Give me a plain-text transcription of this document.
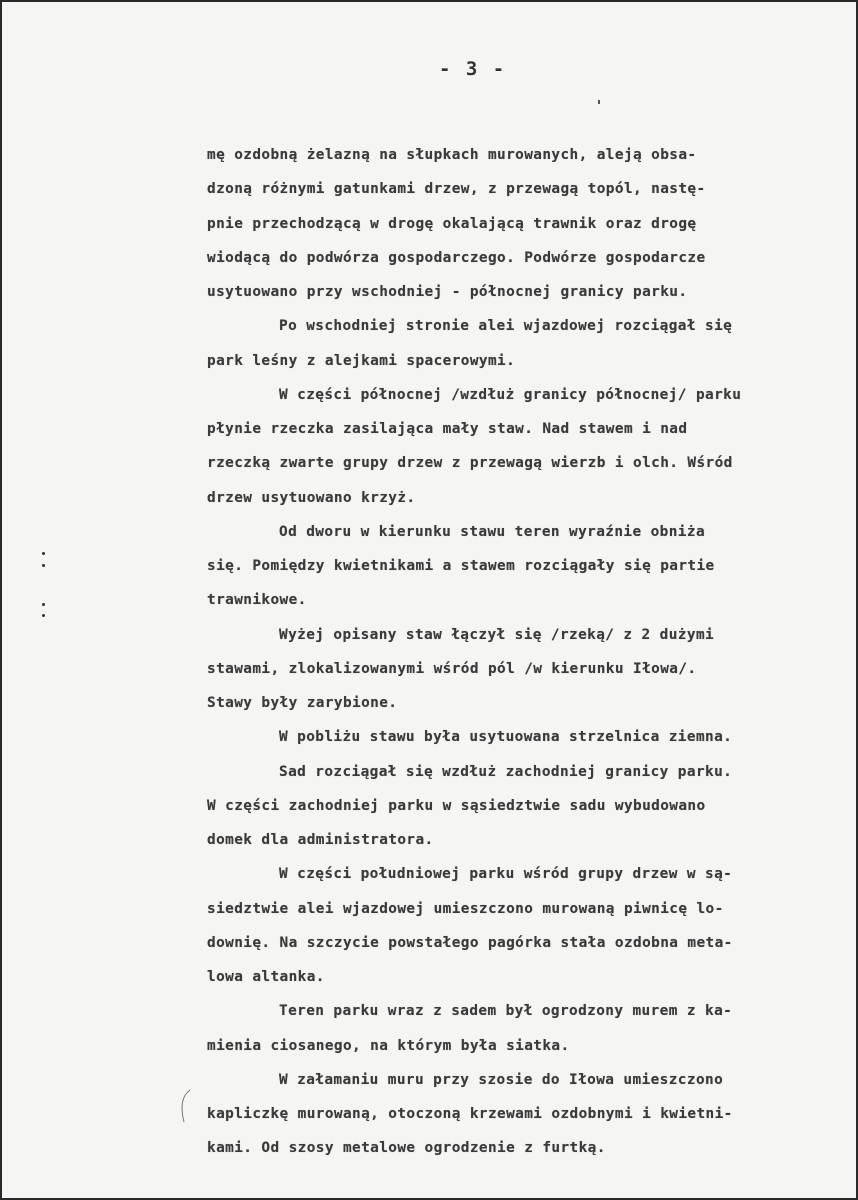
- 3 -
mę ozdobną żelazną na słupkach murowanych, aleją obsa-
dzoną różnymi gatunkami drzew, z przewagą topól, nastę-
pnie przechodzącą w drogę okalającą trawnik oraz drogę
wiodącą do podwórza gospodarczego. Podwórze gospodarcze
usytuowano przy wschodniej - północnej granicy parku.
Po wschodniej stronie alei wjazdowej rozciągał się
park leśny z alejkami spacerowymi.
W części północnej /wzdłuż granicy północnej/ parku
płynie rzeczka zasilająca mały staw. Nad stawem i nad
rzeczką zwarte grupy drzew z przewagą wierzb i olch. Wśród
drzew usytuowano krzyż.
Od dworu w kierunku stawu teren wyraźnie obniża
się. Pomiędzy kwietnikami a stawem rozciągały się partie
trawnikowe.
Wyżej opisany staw łączył się /rzeką/ z 2 dużymi
stawami, zlokalizowanymi wśród pól /w kierunku Iłowa/.
Stawy były zarybione.
W pobliżu stawu była usytuowana strzelnica ziemna.
Sad rozciągał się wzdłuż zachodniej granicy parku.
W części zachodniej parku w sąsiedztwie sadu wybudowano
domek dla administratora.
W części południowej parku wśród grupy drzew w są-
siedztwie alei wjazdowej umieszczono murowaną piwnicę lo-
downię. Na szczycie powstałego pagórka stała ozdobna meta-
lowa altanka.
Teren parku wraz z sadem był ogrodzony murem z ka-
mienia ciosanego, na którym była siatka.
W załamaniu muru przy szosie do Iłowa umieszczono
kapliczkę murowaną, otoczoną krzewami ozdobnymi i kwietni-
kami. Od szosy metalowe ogrodzenie z furtką.
